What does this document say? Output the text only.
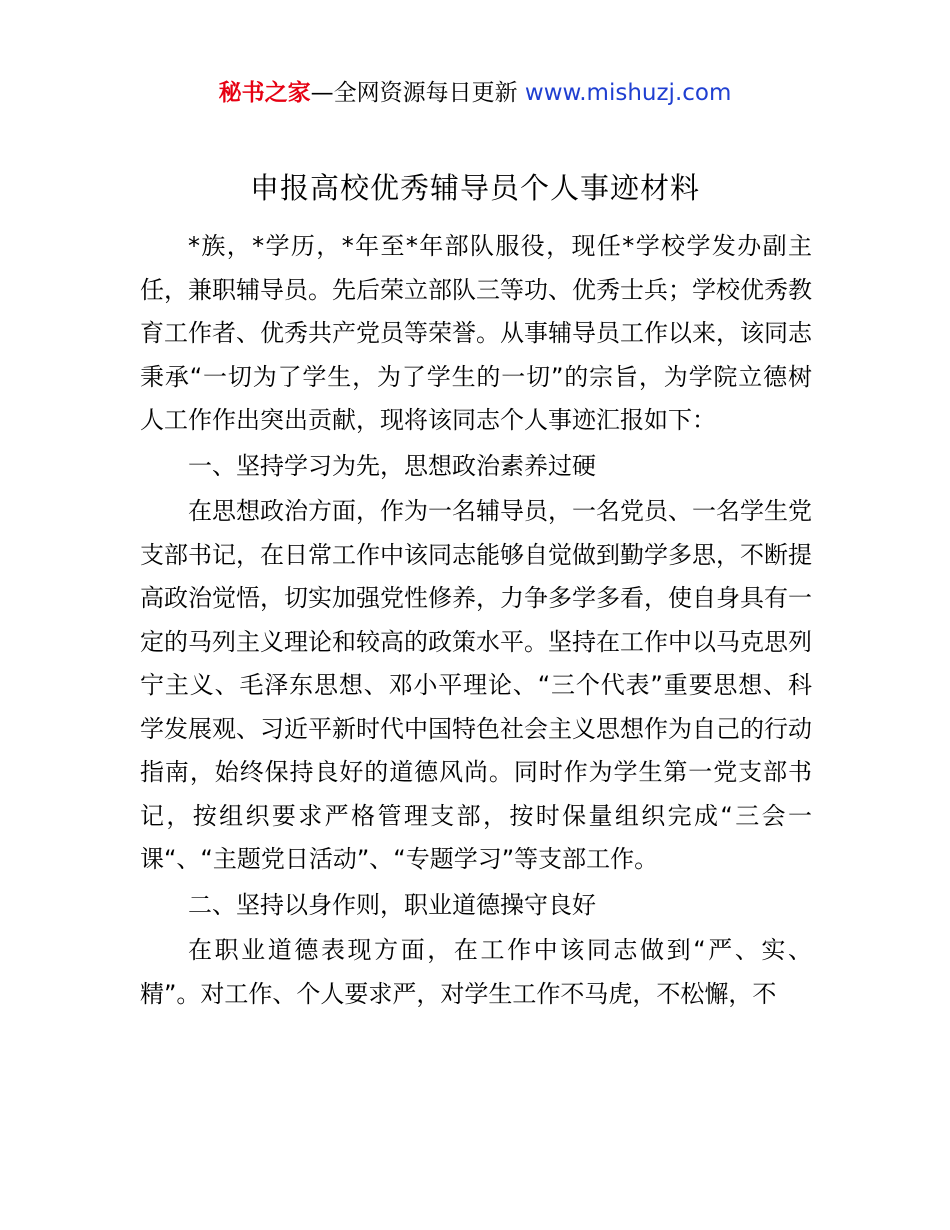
秘书之家—全网资源每日更新 www.mishuzj.com
申报高校优秀辅导员个人事迹材料

*族，*学历，*年至*年部队服役，现任*学校学发办副主任，兼职辅导员。先后荣立部队三等功、优秀士兵；学校优秀教育工作者、优秀共产党员等荣誉。从事辅导员工作以来，该同志秉承“一切为了学生，为了学生的一切”的宗旨，为学院立德树人工作作出突出贡献，现将该同志个人事迹汇报如下：

一、坚持学习为先，思想政治素养过硬

在思想政治方面，作为一名辅导员，一名党员、一名学生党支部书记，在日常工作中该同志能够自觉做到勤学多思，不断提高政治觉悟，切实加强党性修养，力争多学多看，使自身具有一定的马列主义理论和较高的政策水平。坚持在工作中以马克思列宁主义、毛泽东思想、邓小平理论、“三个代表”重要思想、科学发展观、习近平新时代中国特色社会主义思想作为自己的行动指南，始终保持良好的道德风尚。同时作为学生第一党支部书记，按组织要求严格管理支部，按时保量组织完成“三会一课“、“主题党日活动”、“专题学习”等支部工作。

二、坚持以身作则，职业道德操守良好

在职业道德表现方面，在工作中该同志做到“严、实、精”。对工作、个人要求严，对学生工作不马虎，不松懈，不
